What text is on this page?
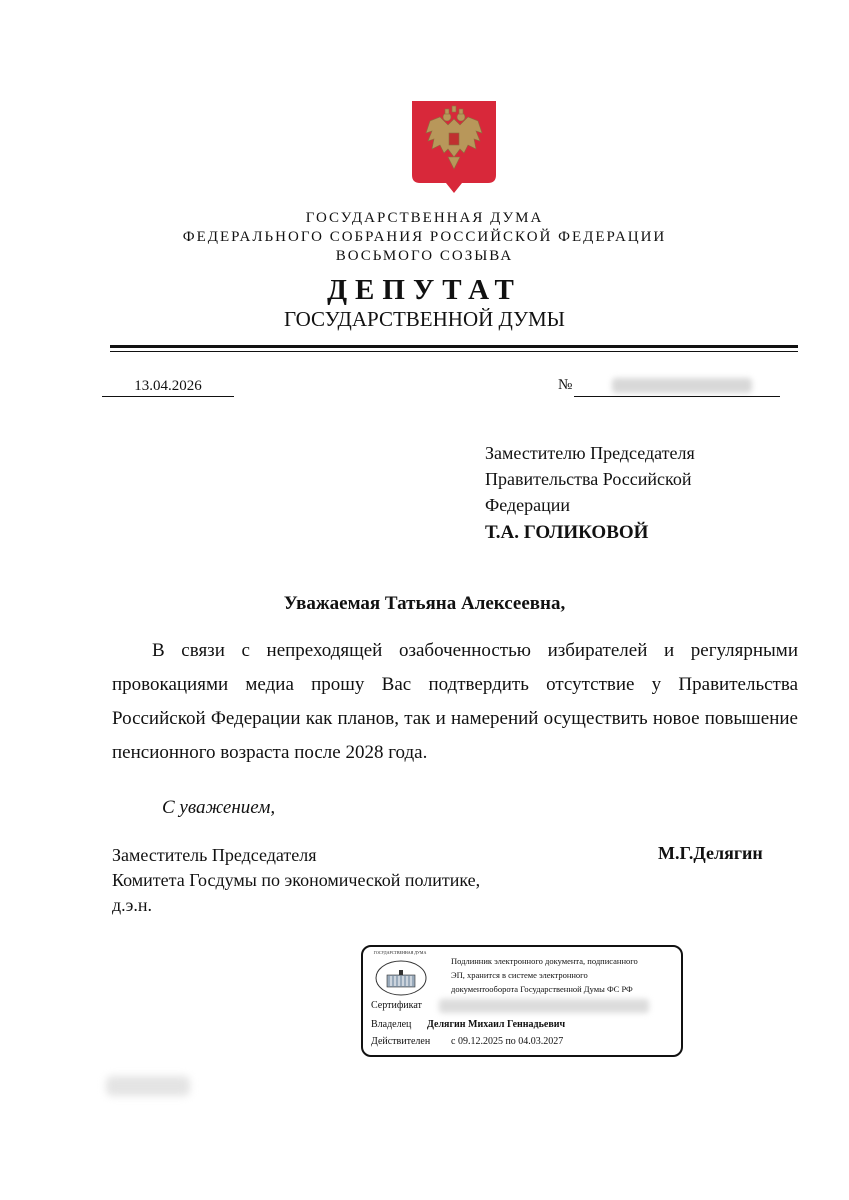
ГОСУДАРСТВЕННАЯ ДУМА
ФЕДЕРАЛЬНОГО СОБРАНИЯ РОССИЙСКОЙ ФЕДЕРАЦИИ
ВОСЬМОГО СОЗЫВА
ДЕПУТАТ
ГОСУДАРСТВЕННОЙ ДУМЫ
13.04.2026	№
Заместителю Председателя
Правительства Российской
Федерации
Т.А. ГОЛИКОВОЙ
Уважаемая Татьяна Алексеевна,
В связи с непреходящей озабоченностью избирателей и регулярными провокациями медиа прошу Вас подтвердить отсутствие у Правительства Российской Федерации как планов, так и намерений осуществить новое повышение пенсионного возраста после 2028 года.
С уважением,
Заместитель Председателя
Комитета Госдумы по экономической политике,
д.э.н.
М.Г.Делягин
ГОСУДАРСТВЕННАЯ ДУМА
Подлинник электронного документа, подписанного
ЭП, хранится в системе электронного
документооборота Государственной Думы ФС РФ
Сертификат
Владелец Делягин Михаил Геннадьевич
Действителен с 09.12.2025 по 04.03.2027
